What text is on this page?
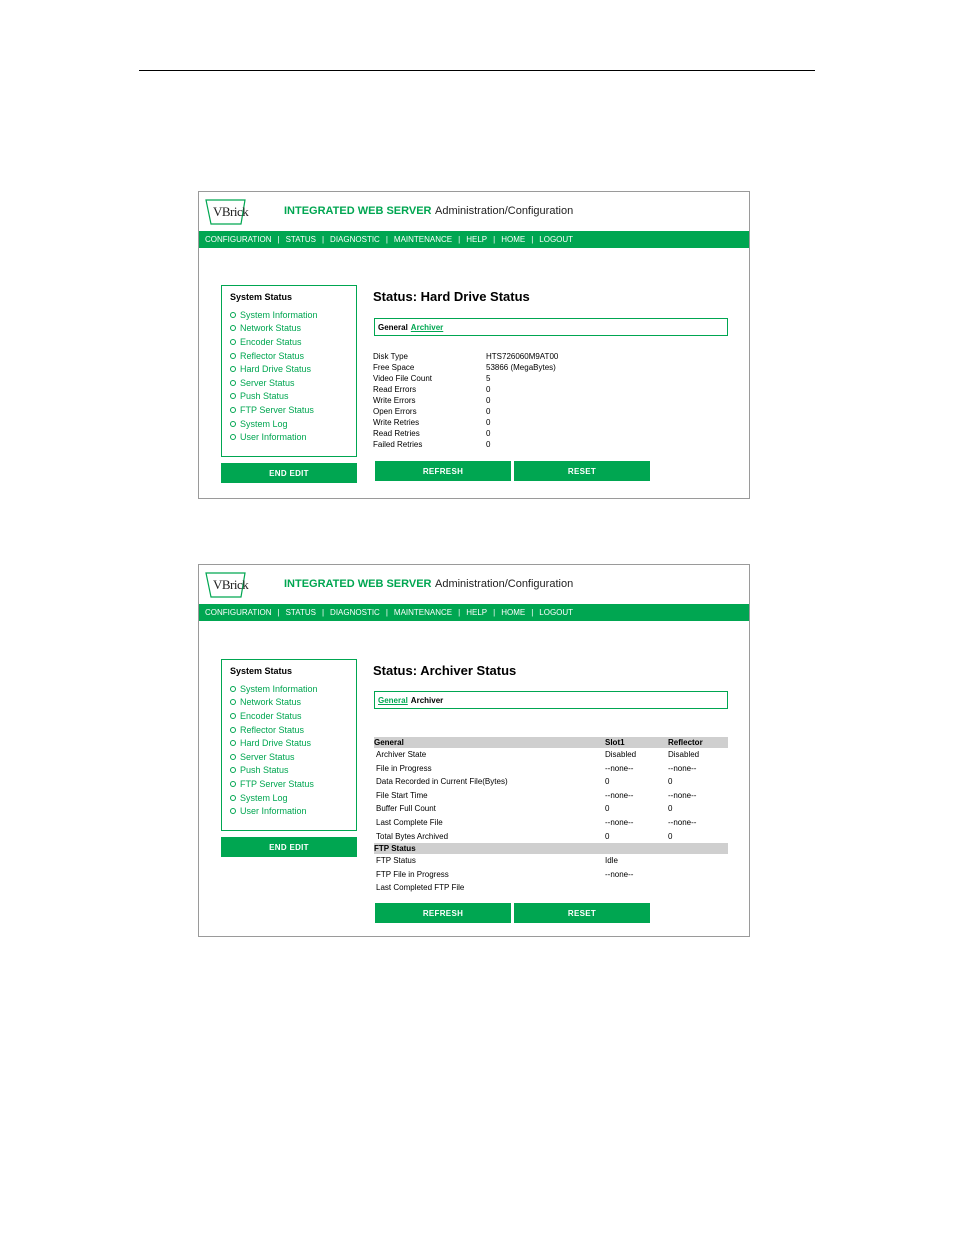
VBrick	INTEGRATED WEB SERVER Administration/Configuration
CONFIGURATION | STATUS | DIAGNOSTIC | MAINTENANCE | HELP | HOME | LOGOUT
System Status
System Information
Network Status
Encoder Status
Reflector Status
Hard Drive Status
Server Status
Push Status
FTP Server Status
System Log
User Information
END EDIT
Status: Hard Drive Status
General Archiver
Disk Type	HTS726060M9AT00
Free Space	53866 (MegaBytes)
Video File Count	5
Read Errors	0
Write Errors	0
Open Errors	0
Write Retries	0
Read Retries	0
Failed Retries	0
REFRESH	RESET
VBrick	INTEGRATED WEB SERVER Administration/Configuration
CONFIGURATION | STATUS | DIAGNOSTIC | MAINTENANCE | HELP | HOME | LOGOUT
System Status
System Information
Network Status
Encoder Status
Reflector Status
Hard Drive Status
Server Status
Push Status
FTP Server Status
System Log
User Information
END EDIT
Status: Archiver Status
General Archiver
General	Slot1	Reflector
Archiver State	Disabled	Disabled
File in Progress	--none--	--none--
Data Recorded in Current File(Bytes)	0	0
File Start Time	--none--	--none--
Buffer Full Count	0	0
Last Complete File	--none--	--none--
Total Bytes Archived	0	0
FTP Status
FTP Status	Idle
FTP File in Progress	--none--
Last Completed FTP File
REFRESH	RESET
